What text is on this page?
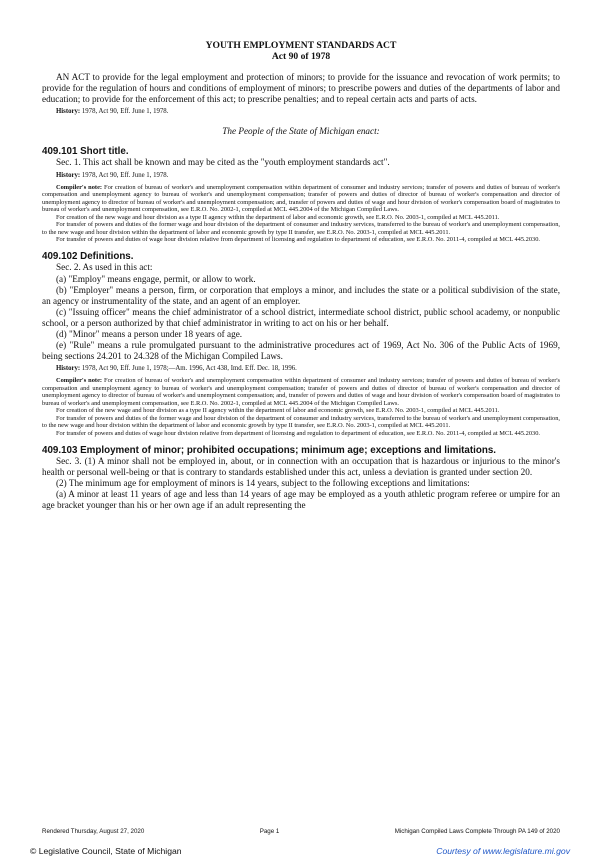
YOUTH EMPLOYMENT STANDARDS ACT

Act 90 of 1978

AN ACT to provide for the legal employment and protection of minors; to provide for the issuance and revocation of work permits; to provide for the regulation of hours and conditions of employment of minors; to prescribe powers and duties of the departments of labor and education; to provide for the enforcement of this act; to prescribe penalties; and to repeal certain acts and parts of acts.

History: 1978, Act 90, Eff. June 1, 1978.

The People of the State of Michigan enact:

409.101 Short title.

Sec. 1. This act shall be known and may be cited as the "youth employment standards act".

History: 1978, Act 90, Eff. June 1, 1978.

Compiler's note: For creation of bureau of worker's and unemployment compensation within department of consumer and industry services; transfer of powers and duties of bureau of worker's compensation and unemployment agency to bureau of worker's and unemployment compensation; transfer of powers and duties of director of bureau of worker's compensation and director of unemployment agency to director of bureau of worker's and unemployment compensation; and, transfer of powers and duties of wage and hour division of worker's compensation board of magistrates to bureau of worker's and unemployment compensation, see E.R.O. No. 2002-1, compiled at MCL 445.2004 of the Michigan Compiled Laws.

For creation of the new wage and hour division as a type II agency within the department of labor and economic growth, see E.R.O. No. 2003-1, compiled at MCL 445.2011.

For transfer of powers and duties of the former wage and hour division of the department of consumer and industry services, transferred to the bureau of worker's and unemployment compensation, to the new wage and hour division within the department of labor and economic growth by type II transfer, see E.R.O. No. 2003-1, compiled at MCL 445.2011.

For transfer of powers and duties of wage hour division relative from department of licensing and regulation to department of education, see E.R.O. No. 2011-4, compiled at MCL 445.2030.

409.102 Definitions.

Sec. 2. As used in this act:

(a) "Employ" means engage, permit, or allow to work.

(b) "Employer" means a person, firm, or corporation that employs a minor, and includes the state or a political subdivision of the state, an agency or instrumentality of the state, and an agent of an employer.

(c) "Issuing officer" means the chief administrator of a school district, intermediate school district, public school academy, or nonpublic school, or a person authorized by that chief administrator in writing to act on his or her behalf.

(d) "Minor" means a person under 18 years of age.

(e) "Rule" means a rule promulgated pursuant to the administrative procedures act of 1969, Act No. 306 of the Public Acts of 1969, being sections 24.201 to 24.328 of the Michigan Compiled Laws.

History: 1978, Act 90, Eff. June 1, 1978;—Am. 1996, Act 438, Imd. Eff. Dec. 18, 1996.

Compiler's note: For creation of bureau of worker's and unemployment compensation within department of consumer and industry services; transfer of powers and duties of bureau of worker's compensation and unemployment agency to bureau of worker's and unemployment compensation; transfer of powers and duties of director of bureau of worker's compensation and director of unemployment agency to director of bureau of worker's and unemployment compensation; and, transfer of powers and duties of wage and hour division of worker's compensation board of magistrates to bureau of worker's and unemployment compensation, see E.R.O. No. 2002-1, compiled at MCL 445.2004 of the Michigan Compiled Laws.

For creation of the new wage and hour division as a type II agency within the department of labor and economic growth, see E.R.O. No. 2003-1, compiled at MCL 445.2011.

For transfer of powers and duties of the former wage and hour division of the department of consumer and industry services, transferred to the bureau of worker's and unemployment compensation, to the new wage and hour division within the department of labor and economic growth by type II transfer, see E.R.O. No. 2003-1, compiled at MCL 445.2011.

For transfer of powers and duties of wage hour division relative from department of licensing and regulation to department of education, see E.R.O. No. 2011-4, compiled at MCL 445.2030.

409.103 Employment of minor; prohibited occupations; minimum age; exceptions and limitations.

Sec. 3. (1) A minor shall not be employed in, about, or in connection with an occupation that is hazardous or injurious to the minor's health or personal well-being or that is contrary to standards established under this act, unless a deviation is granted under section 20.

(2) The minimum age for employment of minors is 14 years, subject to the following exceptions and limitations:

(a) A minor at least 11 years of age and less than 14 years of age may be employed as a youth athletic program referee or umpire for an age bracket younger than his or her own age if an adult representing the

Rendered Thursday, August 27, 2020	Page 1	Michigan Compiled Laws Complete Through PA 149 of 2020
© Legislative Council, State of Michigan	Courtesy of www.legislature.mi.gov
